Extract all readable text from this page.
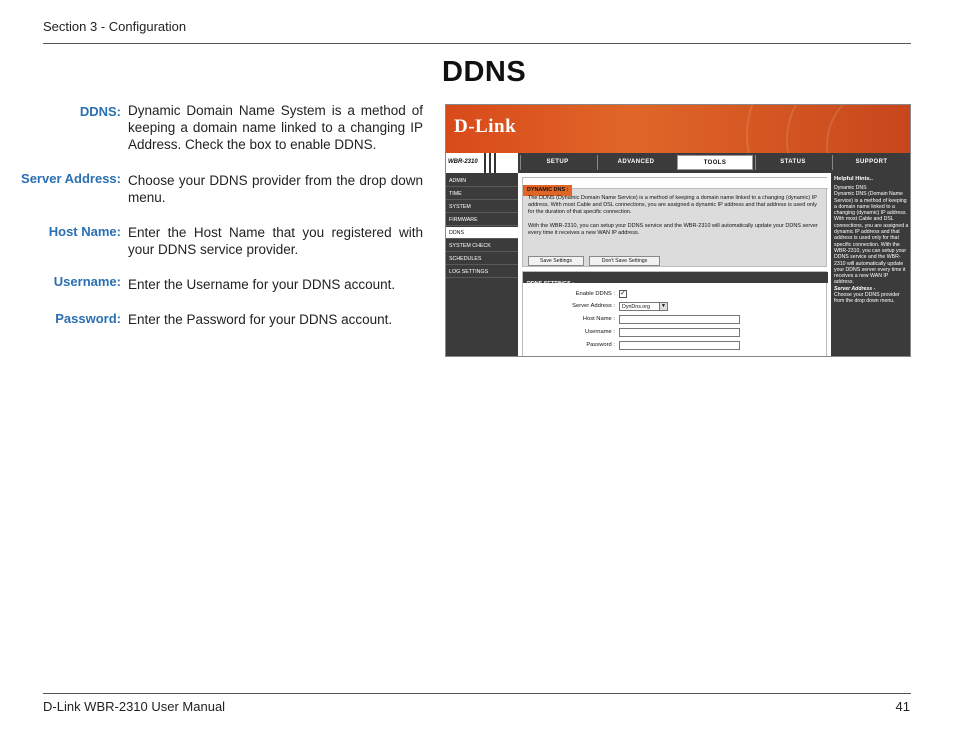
Section 3 - Configuration
DDNS
DDNS: Dynamic Domain Name System is a method of keeping a domain name linked to a changing IP Address. Check the box to enable DDNS.
Server Address: Choose your DDNS provider from the drop down menu.
Host Name: Enter the Host Name that you registered with your DDNS service provider.
Username: Enter the Username for your DDNS account.
Password: Enter the Password for your DDNS account.
D-Link
WBR-2310	SETUP	ADVANCED	TOOLS	STATUS	SUPPORT
ADMIN
TIME
SYSTEM
FIRMWARE
DDNS
SYSTEM CHECK
SCHEDULES
LOG SETTINGS
DYNAMIC DNS :
The DDNS (Dynamic Domain Name Service) is a method of keeping a domain name linked to a changing (dynamic) IP address. With most Cable and DSL connections, you are assigned a dynamic IP address and that address is used only for the duration of that specific connection.
With the WBR-2310, you can setup your DDNS service and the WBR-2310 will automatically update your DDNS server every time it receives a new WAN IP address.
Save Settings	Don't Save Settings
DDNS SETTINGS :
Enable DDNS : ✓
Server Address :	DynDns.org	▼
Host Name :
Username :
Password :
Helpful Hints..
Dynamic DNS
Dynamic DNS (Domain Name Service) is a method of keeping a domain name linked to a changing (dynamic) IP address. With most Cable and DSL connections, you are assigned a dynamic IP address and that address is used only for that specific connection. With the WBR-2310, you can setup your DDNS service and the WBR-2310 will automatically update your DDNS server every time it receives a new WAN IP address.
Server Address -
Choose your DDNS provider from the drop down menu.
D-Link WBR-2310 User Manual	41
